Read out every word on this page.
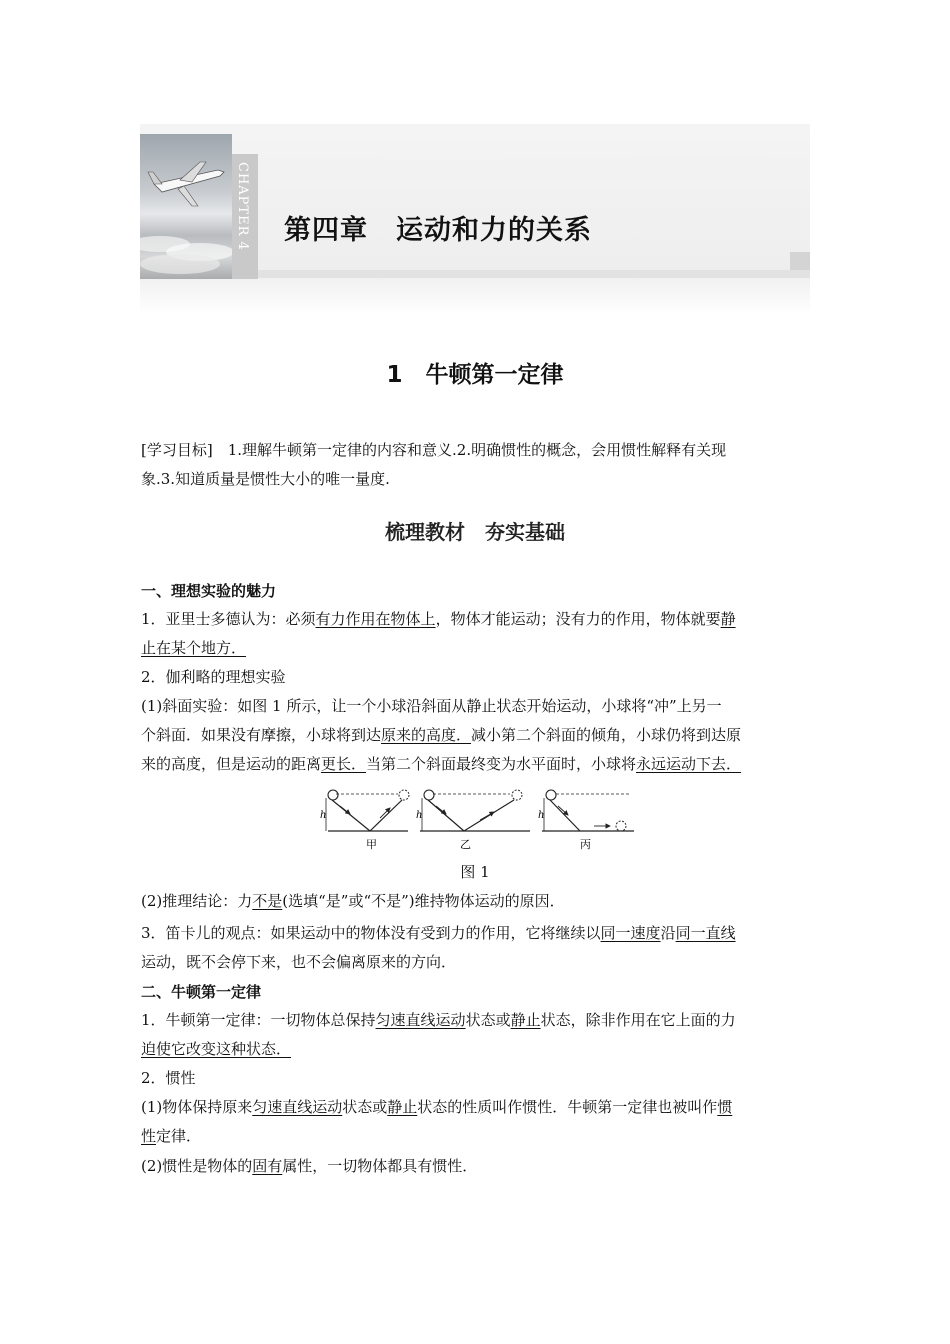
CHAPTER 4 第四章　运动和力的关系
1　牛顿第一定律
[学习目标]　1.理解牛顿第一定律的内容和意义.2.明确惯性的概念，会用惯性解释有关现
象.3.知道质量是惯性大小的唯一量度.
梳理教材　夯实基础
一、理想实验的魅力
1．亚里士多德认为：必须有力作用在物体上，物体才能运动；没有力的作用，物体就要静
止在某个地方．
2．伽利略的理想实验
(1)斜面实验：如图 1 所示，让一个小球沿斜面从静止状态开始运动，小球将“冲”上另一
个斜面．如果没有摩擦，小球将到达原来的高度．减小第二个斜面的倾角，小球仍将到达原
来的高度，但是运动的距离更长．当第二个斜面最终变为水平面时，小球将永远运动下去．
h
甲
h
乙
h
丙
图 1
(2)推理结论：力不是(选填“是”或“不是”)维持物体运动的原因．
3．笛卡儿的观点：如果运动中的物体没有受到力的作用，它将继续以同一速度沿同一直线
运动，既不会停下来，也不会偏离原来的方向．
二、牛顿第一定律
1．牛顿第一定律：一切物体总保持匀速直线运动状态或静止状态，除非作用在它上面的力
迫使它改变这种状态．
2．惯性
(1)物体保持原来匀速直线运动状态或静止状态的性质叫作惯性．牛顿第一定律也被叫作惯
性定律．
(2)惯性是物体的固有属性，一切物体都具有惯性．
